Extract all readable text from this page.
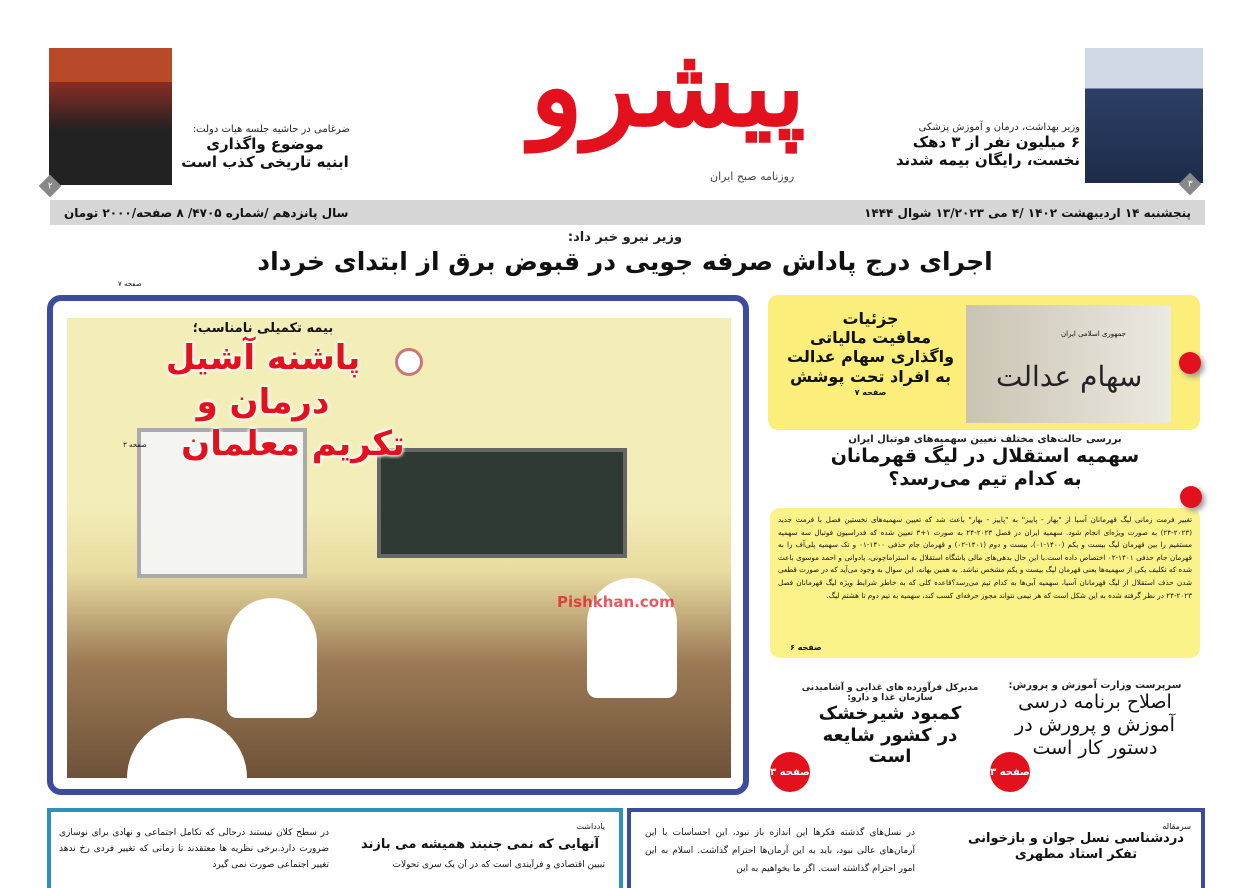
پیشرو
روزنامه صبح ایران
۳
وزیر بهداشت، درمان و آموزش پزشکی
۶ میلیون نفر از ۳ دهک
نخست، رایگان بیمه شدند
۲
ضرغامی در حاشیه جلسه هیات دولت:
موضوع واگذاری
ابنیه تاریخی کذب است
پنجشنبه ۱۴ اردیبهشت ۱۴۰۲ /۴ می ۱۳/۲۰۲۳ شوال ۱۴۴۴
سال پانزدهم /شماره ۴۷۰۵/ ۸ صفحه/۲۰۰۰ تومان
وزیر نیرو خبر داد:
اجرای درج پاداش صرفه جویی در قبوض برق از ابتدای خرداد
صفحه ۷
Pishkhan.com
بیمه تکمیلی نامناسب؛
پاشنه آشیل درمان و
تکریم معلمان
صفحه ۳
جمهوری اسلامی ایران
سهام عدالت
جزئیات
معافیت مالیاتی
واگذاری سهام عدالت
به افراد تحت پوشش
صفحه ۷
بررسی حالت‌های مختلف تعیین سهمیه‌های فوتبال ایران
سهمیه استقلال در لیگ قهرمانان
به کدام تیم می‌رسد؟
تغییر فرمت زمانی لیگ قهرمانان آسیا از "بهار - پاییز" به "پاییز - بهار" باعث شد که تعیین سهمیه‌های نخستین فصل با فرمت جدید (۲۰۲۳-۲۴) به صورت ویژه‌ای انجام شود. سهمیه ایران در فصل ۲۰۲۳-۲۴ به صورت ۱+۳ تعیین شده که فدراسیون فوتبال سه سهمیه مستقیم را بین قهرمان لیگ بیست و یکم (۱۴۰۰-۰۱)، بیست و دوم (۱۴۰۱-۰۲) و قهرمان جام حذفی ۱۴۰۰-۰۱ و تک سهمیه پلی‌آف را به قهرمان جام حذفی ۱۴۰۱-۰۲ اختصاص داده است.با این حال بدهی‌های مالی باشگاه استقلال به استراماچونی، پادوانی و احمد موسوی باعث شده که تکلیف یکی از سهمیه‌ها یعنی قهرمان لیگ بیست و یکم مشخص نباشد. به همین بهانه، این سوال به وجود می‌آید که در صورت قطعی شدن حذف استقلال از لیگ قهرمانان آسیا، سهمیه آبی‌ها به کدام تیم می‌رسد؟قاعده کلی که به خاطر شرایط ویژه لیگ قهرمانان فصل ۲۰۲۳-۲۴ در نظر گرفته شده به این شکل است که هر تیمی نتواند مجوز حرفه‌ای کسب کند، سهمیه به تیم دوم تا هشتم لیگ.
صفحه ۶
سرپرست وزارت آموزش و پرورش:
اصلاح برنامه درسی
آموزش و پرورش در
دستور کار است
صفحه ۳
مدیرکل فرآورده های غذایی و آشامیدنی
سازمان غذا و دارو:
کمبود شیرخشک
در کشور شایعه است
صفحه ۳
سرمقاله
دردشناسی نسل جوان و بازخوانی
تفکر استاد مطهری
در نسل‌های گذشته فکرها این اندازه باز نبود، این احساسات با این آرمان‌های عالی نبود، باید به این آرمان‌ها احترام گذاشت. اسلام به این امور احترام گذاشته است. اگر ما بخواهیم به این
یادداشت
آنهایی که نمی جنبند همیشه می بازند
تبیین اقتصادی و فرآیندی است که در آن یک سری تحولات
در سطح کلان نیستند درحالی که تکامل اجتماعی و نهادی برای نوسازی ضرورت دارد.برخی نظریه ها معتقدند تا زمانی که تغییر فردی رخ ندهد تغییر اجتماعی صورت نمی گیرد
